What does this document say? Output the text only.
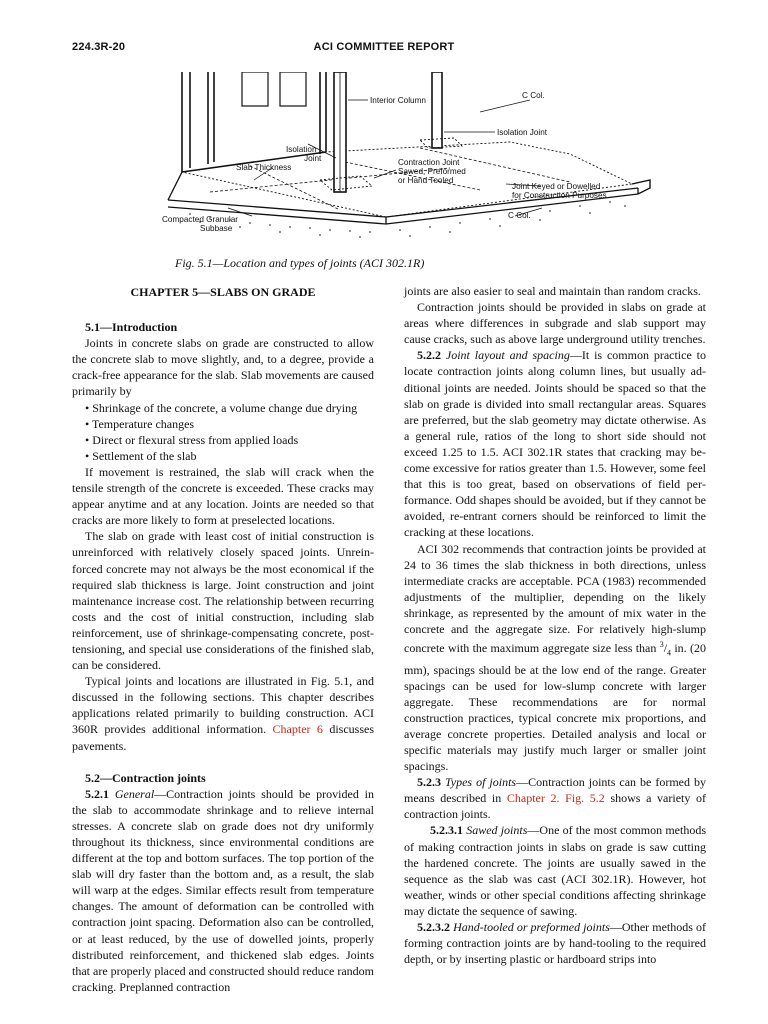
224.3R-20	ACI COMMITTEE REPORT
Interior Column
C Col.
Isolation Joint
Isolation
Joint
Slab Thickness
Contraction Joint
Sawed, Preformed
or Hand Tooled
Joint Keyed or Dowelled
for Construction Purposes
C Col.
Compacted Granular
Subbase
Fig. 5.1—Location and types of joints (ACI 302.1R)
CHAPTER 5—SLABS ON GRADE

5.1—Introduction

Joints in concrete slabs on grade are constructed to allow the concrete slab to move slightly, and, to a degree, provide a crack-free appearance for the slab. Slab movements are caused primarily by

• Shrinkage of the concrete, a volume change due drying
• Temperature changes
• Direct or flexural stress from applied loads
• Settlement of the slab

If movement is restrained, the slab will crack when the tensile strength of the concrete is exceeded. These cracks may appear anytime and at any location. Joints are needed so that cracks are more likely to form at preselected locations.

The slab on grade with least cost of initial construction is unreinforced with relatively closely spaced joints. Unreinforced concrete may not always be the most economical if the required slab thickness is large. Joint construction and joint maintenance increase cost. The relationship between recurring costs and the cost of initial construction, including slab reinforcement, use of shrinkage-compensating concrete, post-tensioning, and special use considerations of the finished slab, can be considered.

Typical joints and locations are illustrated in Fig. 5.1, and discussed in the following sections. This chapter describes applications related primarily to building construction. ACI 360R provides additional information. Chapter 6 discusses pavements.

5.2—Contraction joints

5.2.1 General—Contraction joints should be provided in the slab to accommodate shrinkage and to relieve internal stresses. A concrete slab on grade does not dry uniformly throughout its thickness, since environmental conditions are different at the top and bottom surfaces. The top portion of the slab will dry faster than the bottom and, as a result, the slab will warp at the edges. Similar effects result from temperature changes. The amount of deformation can be controlled with contraction joint spacing. Deformation also can be controlled, or at least reduced, by the use of dowelled joints, properly distributed reinforcement, and thickened slab edges. Joints that are properly placed and constructed should reduce random cracking. Preplanned contraction

joints are also easier to seal and maintain than random cracks.

Contraction joints should be provided in slabs on grade at areas where differences in subgrade and slab support may cause cracks, such as above large underground utility trenches.

5.2.2 Joint layout and spacing—It is common practice to locate contraction joints along column lines, but usually additional joints are needed. Joints should be spaced so that the slab on grade is divided into small rectangular areas. Squares are preferred, but the slab geometry may dictate otherwise. As a general rule, ratios of the long to short side should not exceed 1.25 to 1.5. ACI 302.1R states that cracking may become excessive for ratios greater than 1.5. However, some feel that this is too great, based on observations of field performance. Odd shapes should be avoided, but if they cannot be avoided, re-entrant corners should be reinforced to limit the cracking at these locations.

ACI 302 recommends that contraction joints be provided at 24 to 36 times the slab thickness in both directions, unless intermediate cracks are acceptable. PCA (1983) recommended adjustments of the multiplier, depending on the likely shrinkage, as represented by the amount of mix water in the concrete and the aggregate size. For relatively high-slump concrete with the maximum aggregate size less than $^3/_4$ in. (20 mm), spacings should be at the low end of the range. Greater spacings can be used for low-slump concrete with larger aggregate. These recommendations are for normal construction practices, typical concrete mix proportions, and average concrete properties. Detailed analysis and local or specific materials may justify much larger or smaller joint spacings.

5.2.3 Types of joints—Contraction joints can be formed by means described in Chapter 2. Fig. 5.2 shows a variety of contraction joints.

5.2.3.1 Sawed joints—One of the most common methods of making contraction joints in slabs on grade is saw cutting the hardened concrete. The joints are usually sawed in the sequence as the slab was cast (ACI 302.1R). However, hot weather, winds or other special conditions affecting shrinkage may dictate the sequence of sawing.

5.2.3.2 Hand-tooled or preformed joints—Other methods of forming contraction joints are by hand-tooling to the required depth, or by inserting plastic or hardboard strips into
